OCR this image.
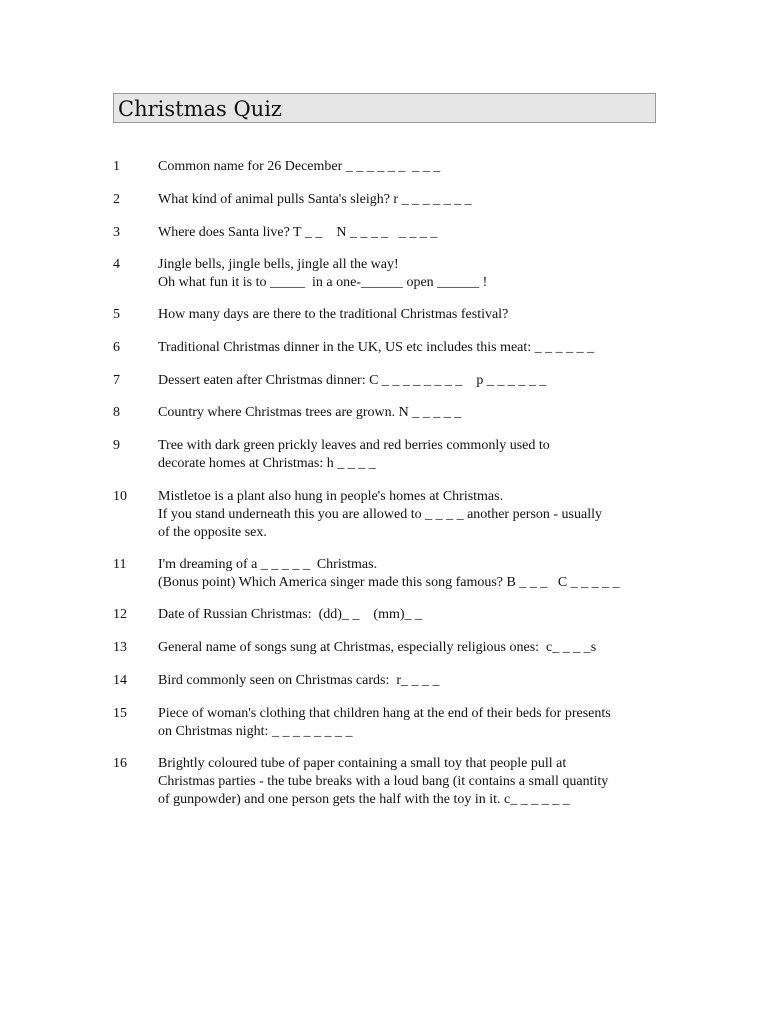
Christmas Quiz
1	Common name for 26 December _ _ _ _ _ _  _ _ _
2	What kind of animal pulls Santa's sleigh? r _ _ _ _ _ _ _
3	Where does Santa live? T _ _    N _ _ _ _   _ _ _ _
4	Jingle bells, jingle bells, jingle all the way!
Oh what fun it is to _____  in a one-______ open ______ !
5	How many days are there to the traditional Christmas festival?
6	Traditional Christmas dinner in the UK, US etc includes this meat: _ _ _ _ _ _
7	Dessert eaten after Christmas dinner: C _ _ _ _ _ _ _ _    p _ _ _ _ _ _
8	Country where Christmas trees are grown. N _ _ _ _ _
9	Tree with dark green prickly leaves and red berries commonly used to
decorate homes at Christmas: h _ _ _ _
10 Mistletoe is a plant also hung in people's homes at Christmas.
If you stand underneath this you are allowed to _ _ _ _ another person - usually
of the opposite sex.
11 I'm dreaming of a _ _ _ _ _  Christmas.
(Bonus point) Which America singer made this song famous? B _ _ _   C _ _ _ _ _
12 Date of Russian Christmas:  (dd)_ _    (mm)_ _
13 General name of songs sung at Christmas, especially religious ones:  c_ _ _ _s
14 Bird commonly seen on Christmas cards:  r_ _ _ _
15 Piece of woman's clothing that children hang at the end of their beds for presents
on Christmas night: _ _ _ _ _ _ _ _
16 Brightly coloured tube of paper containing a small toy that people pull at
Christmas parties - the tube breaks with a loud bang (it contains a small quantity
of gunpowder) and one person gets the half with the toy in it. c_ _ _ _ _ _
